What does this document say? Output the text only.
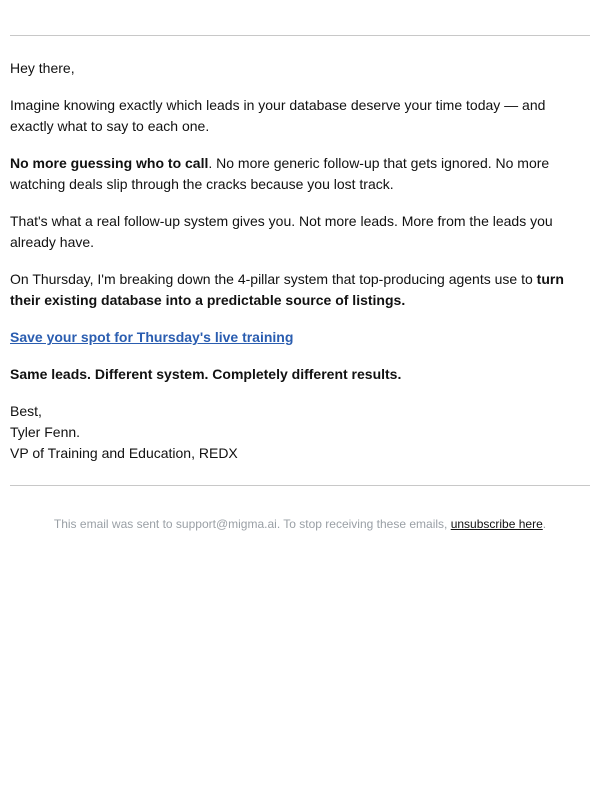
Hey there,

Imagine knowing exactly which leads in your database deserve your time today — and exactly what to say to each one.

No more guessing who to call. No more generic follow-up that gets ignored. No more watching deals slip through the cracks because you lost track.

That's what a real follow-up system gives you. Not more leads. More from the leads you already have.

On Thursday, I'm breaking down the 4-pillar system that top-producing agents use to turn their existing database into a predictable source of listings.

Save your spot for Thursday's live training

Same leads. Different system. Completely different results.

Best,
Tyler Fenn.
VP of Training and Education, REDX

This email was sent to support@migma.ai. To stop receiving these emails, unsubscribe here.
